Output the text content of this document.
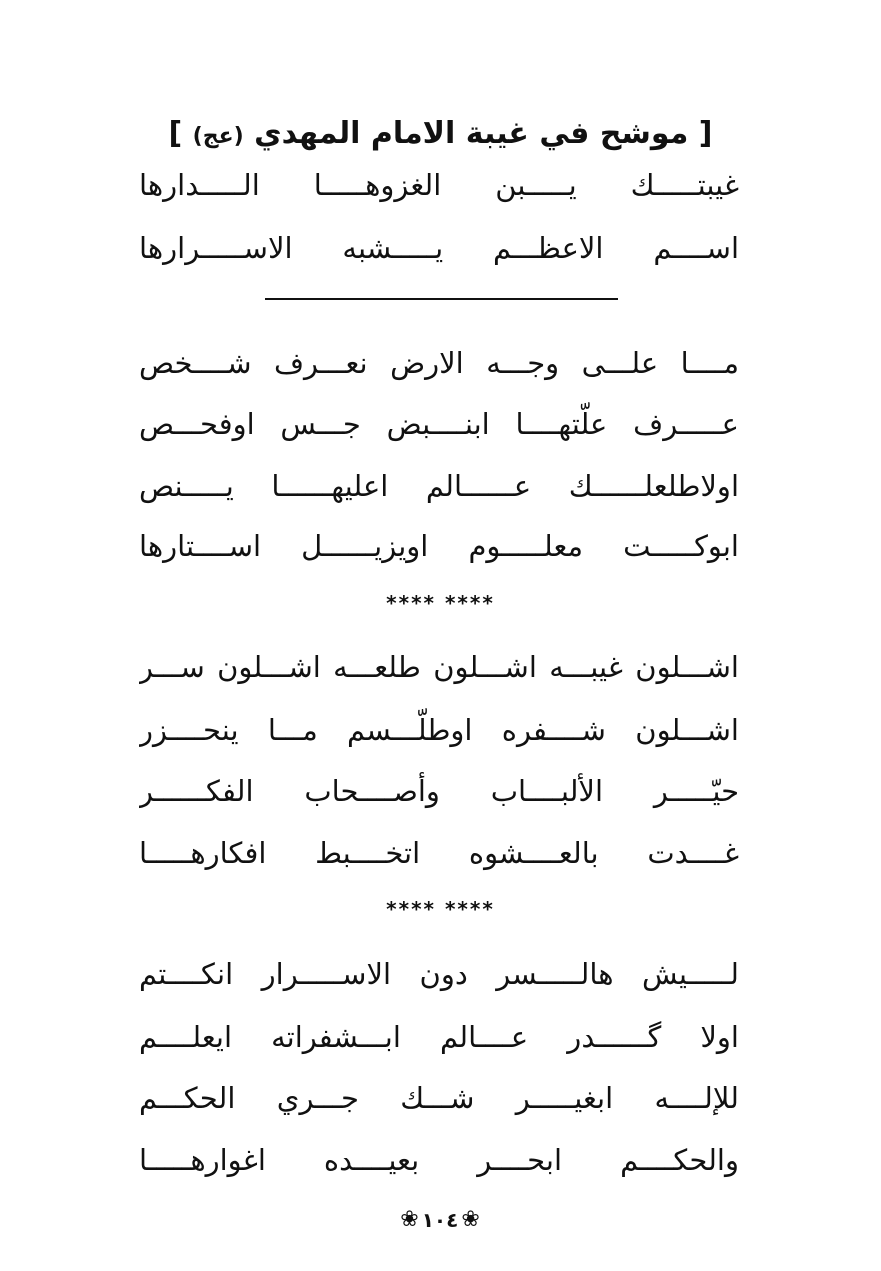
[ موشح في غيبة الامام المهدي (عج) ]
غيبتـــــك يـــــبن الغزوهـــــا الـــــدارها
اســــم الاعظـــم يـــــشبه الاســـــرارها
مــــا علـــى وجـــه الارض نعـــرف شــــخص
عـــــرف علّتهــــا ابنــــبض جـــس اوفحـــص
اولاطلعلــــــك عــــــالم اعليهــــــا يـــــنص
ابوكـــــت معلـــــوم اويزيــــــل اســــتارها
**** ****
اشـــلون غيبـــه اشـــلون طلعـــه اشـــلون ســـر
اشـــلون شــــفره اوطلّـــسم مـــا ينحــــزر
حيّـــــر الألبــــاب وأصــــحاب الفكــــــر
غــــدت بالعــــشوه اتخــــبط افكارهـــــا
**** ****
لـــــيش هالـــــسر دون الاســـــرار انكــــتم
اولا گــــــدر عــــالم ابـــشفراته ايعلــــم
للإلــــه ابغيـــــر شـــك جـــري الحكـــم
والحكــــم ابحــــر بعيــــده اغوارهـــــا
❀ ١٠٤ ❀
